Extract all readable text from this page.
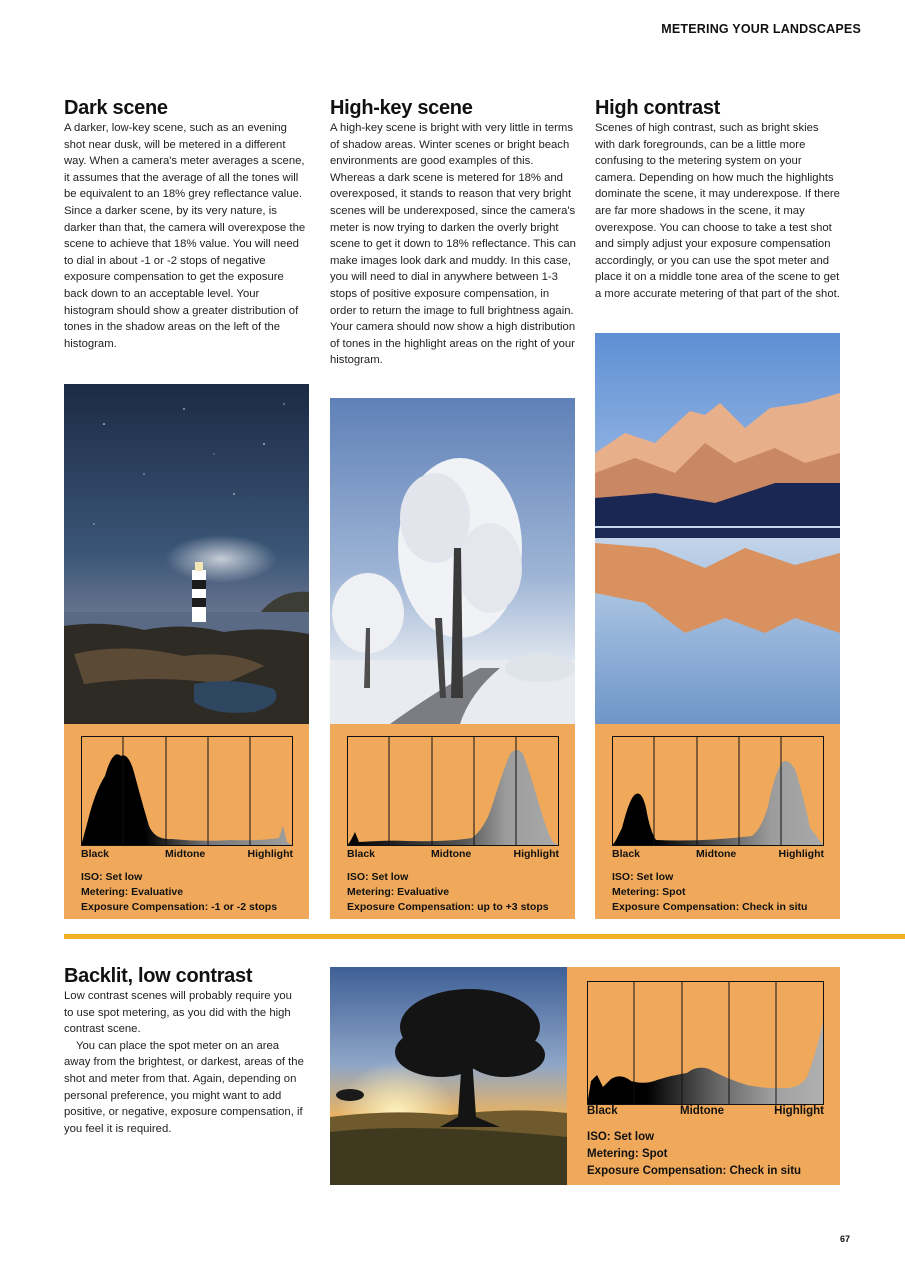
METERING YOUR LANDSCAPES
Dark scene

A darker, low-key scene, such as an evening shot near dusk, will be metered in a different way. When a camera's meter averages a scene, it assumes that the average of all the tones will be equivalent to an 18% grey reflectance value. Since a darker scene, by its very nature, is darker than that, the camera will overexpose the scene to achieve that 18% value. You will need to dial in about -1 or -2 stops of negative exposure compensation to get the exposure back down to an acceptable level. Your histogram should show a greater distribution of tones in the shadow areas on the left of the histogram.

Black	Midtone	Highlight
ISO: Set low
Metering: Evaluative
Exposure Compensation: -1 or -2 stops
High-key scene

A high-key scene is bright with very little in terms of shadow areas. Winter scenes or bright beach environments are good examples of this. Whereas a dark scene is metered for 18% and overexposed, it stands to reason that very bright scenes will be underexposed, since the camera's meter is now trying to darken the overly bright scene to get it down to 18% reflectance. This can make images look dark and muddy. In this case, you will need to dial in anywhere between 1-3 stops of positive exposure compensation, in order to return the image to full brightness again. Your camera should now show a high distribution of tones in the highlight areas on the right of your histogram.

Black	Midtone	Highlight
ISO: Set low
Metering: Evaluative
Exposure Compensation: up to +3 stops
High contrast

Scenes of high contrast, such as bright skies with dark foregrounds, can be a little more confusing to the metering system on your camera. Depending on how much the highlights dominate the scene, it may underexpose. If there are far more shadows in the scene, it may overexpose. You can choose to take a test shot and simply adjust your exposure compensation accordingly, or you can use the spot meter and place it on a middle tone area of the scene to get a more accurate metering of that part of the shot.

Black	Midtone	Highlight
ISO: Set low
Metering: Spot
Exposure Compensation: Check in situ
Backlit, low contrast

Low contrast scenes will probably require you to use spot metering, as you did with the high contrast scene.

You can place the spot meter on an area away from the brightest, or darkest, areas of the shot and meter from that. Again, depending on personal preference, you might want to add positive, or negative, exposure compensation, if you feel it is required.

Black	Midtone	Highlight
ISO: Set low
Metering: Spot
Exposure Compensation: Check in situ
67
